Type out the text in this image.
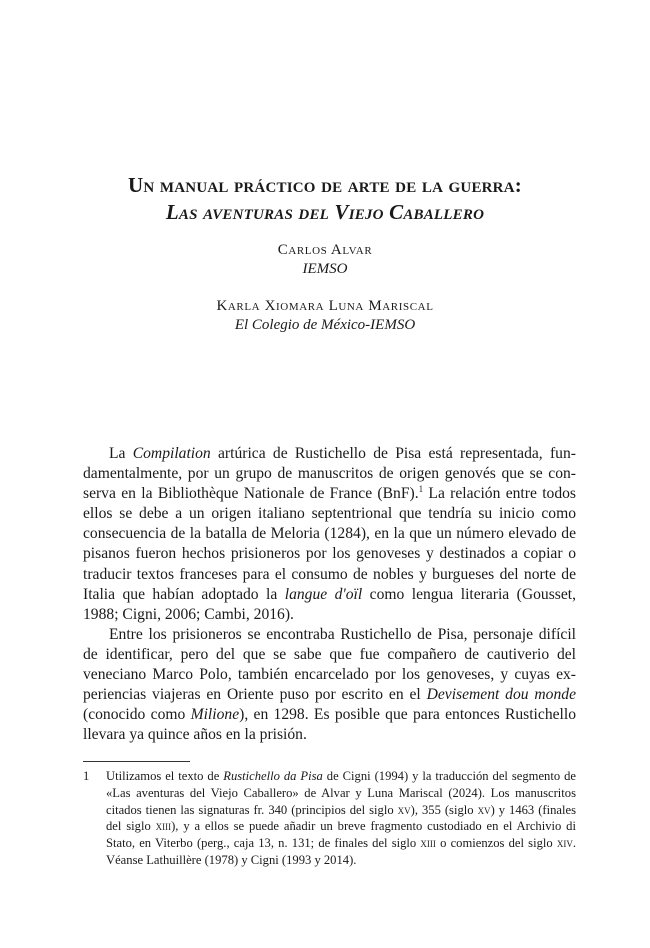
Un manual práctico de arte de la guerra:
Las aventuras del Viejo Caballero
Carlos Alvar
IEMSO
Karla Xiomara Luna Mariscal
El Colegio de México-IEMSO

La Compilation artúrica de Rustichello de Pisa está representada, fundamentalmente, por un grupo de manuscritos de origen genovés que se conserva en la Bibliothèque Nationale de France (BnF).$^1$ La relación entre todos ellos se debe a un origen italiano septentrional que tendría su inicio como consecuencia de la batalla de Meloria (1284), en la que un número elevado de pisanos fueron hechos prisioneros por los genoveses y destinados a copiar o traducir textos franceses para el consumo de nobles y burgueses del norte de Italia que habían adoptado la langue d'oïl como lengua literaria (Gousset, 1988; Cigni, 2006; Cambi, 2016).

Entre los prisioneros se encontraba Rustichello de Pisa, personaje difícil de identificar, pero del que se sabe que fue compañero de cautiverio del veneciano Marco Polo, también encarcelado por los genoveses, y cuyas experiencias viajeras en Oriente puso por escrito en el Devisement dou monde (conocido como Milione), en 1298. Es posible que para entonces Rustichello llevara ya quince años en la prisión.

1	Utilizamos el texto de Rustichello da Pisa de Cigni (1994) y la traducción del segmento de «Las aventuras del Viejo Caballero» de Alvar y Luna Mariscal (2024). Los manuscritos citados tienen las signaturas fr. 340 (principios del siglo xv), 355 (siglo xv) y 1463 (finales del siglo xiii), y a ellos se puede añadir un breve fragmento custodiado en el Archivio di Stato, en Viterbo (perg., caja 13, n. 131; de finales del siglo xiii o comienzos del siglo xiv. Véanse Lathuillère (1978) y Cigni (1993 y 2014).
